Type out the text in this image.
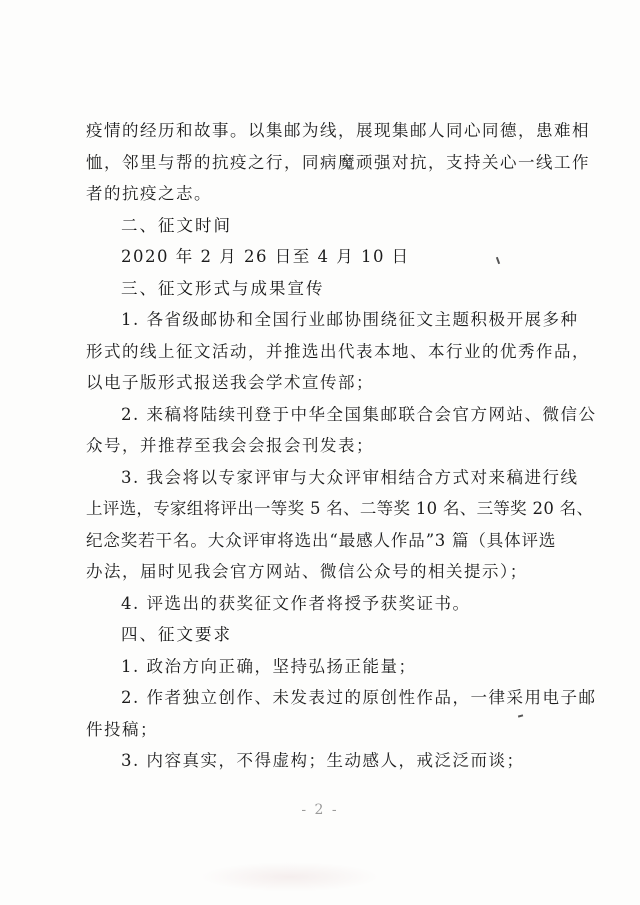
疫情的经历和故事。以集邮为线，展现集邮人同心同德，患难相
恤，邻里与帮的抗疫之行，同病魔顽强对抗，支持关心一线工作
者的抗疫之志。
二、征文时间
2020 年 2 月 26 日至 4 月 10 日
三、征文形式与成果宣传
1. 各省级邮协和全国行业邮协围绕征文主题积极开展多种
形式的线上征文活动，并推选出代表本地、本行业的优秀作品，
以电子版形式报送我会学术宣传部；
2. 来稿将陆续刊登于中华全国集邮联合会官方网站、微信公
众号，并推荐至我会会报会刊发表；
3. 我会将以专家评审与大众评审相结合方式对来稿进行线
上评选，专家组将评出一等奖 5 名、二等奖 10 名、三等奖 20 名、
纪念奖若干名。大众评审将选出“最感人作品”3 篇（具体评选
办法，届时见我会官方网站、微信公众号的相关提示）；
4. 评选出的获奖征文作者将授予获奖证书。
四、征文要求
1. 政治方向正确，坚持弘扬正能量；
2. 作者独立创作、未发表过的原创性作品，一律采用电子邮
件投稿；
3. 内容真实，不得虚构；生动感人，戒泛泛而谈；
- 2 -
